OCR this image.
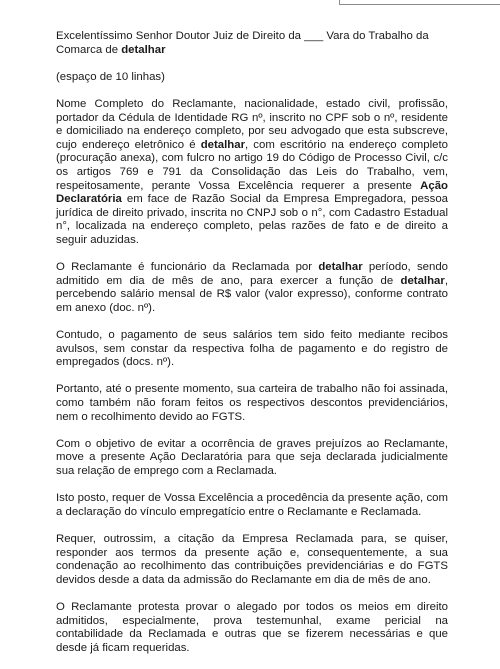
Excelentíssimo Senhor Doutor Juiz de Direito da ___ Vara do Trabalho da Comarca de detalhar

(espaço de 10 linhas)

Nome Completo do Reclamante, nacionalidade, estado civil, profissão, portador da Cédula de Identidade RG nº, inscrito no CPF sob o nº, residente e domiciliado na endereço completo, por seu advogado que esta subscreve, cujo endereço eletrônico é detalhar, com escritório na endereço completo (procuração anexa), com fulcro no artigo 19 do Código de Processo Civil, c/c os artigos 769 e 791 da Consolidação das Leis do Trabalho, vem, respeitosamente, perante Vossa Excelência requerer a presente Ação Declaratória em face de Razão Social da Empresa Empregadora, pessoa jurídica de direito privado, inscrita no CNPJ sob o n°, com Cadastro Estadual n°, localizada na endereço completo, pelas razões de fato e de direito a seguir aduzidas.

O Reclamante é funcionário da Reclamada por detalhar período, sendo admitido em dia de mês de ano, para exercer a função de detalhar, percebendo salário mensal de R$ valor (valor expresso), conforme contrato em anexo (doc. nº).

Contudo, o pagamento de seus salários tem sido feito mediante recibos avulsos, sem constar da respectiva folha de pagamento e do registro de empregados (docs. nº).

Portanto, até o presente momento, sua carteira de trabalho não foi assinada, como também não foram feitos os respectivos descontos previdenciários, nem o recolhimento devido ao FGTS.

Com o objetivo de evitar a ocorrência de graves prejuízos ao Reclamante, move a presente Ação Declaratória para que seja declarada judicialmente sua relação de emprego com a Reclamada.

Isto posto, requer de Vossa Excelência a procedência da presente ação, com a declaração do vínculo empregatício entre o Reclamante e Reclamada.

Requer, outrossim, a citação da Empresa Reclamada para, se quiser, responder aos termos da presente ação e, consequentemente, a sua condenação ao recolhimento das contribuições previdenciárias e do FGTS devidos desde a data da admissão do Reclamante em dia de mês de ano.

O Reclamante protesta provar o alegado por todos os meios em direito admitidos, especialmente, prova testemunhal, exame pericial na contabilidade da Reclamada e outras que se fizerem necessárias e que desde já ficam requeridas.
